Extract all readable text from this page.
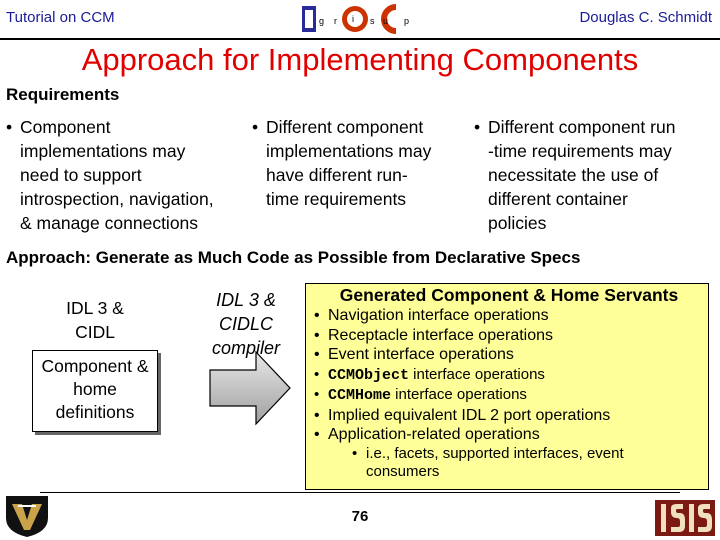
Tutorial on CCM	g r i s u p	Douglas C. Schmidt
Approach for Implementing Components
Requirements
• Component
implementations may
need to support
introspection, navigation,
& manage connections
• Different component
implementations may
have different run-
time requirements
• Different component run
-time requirements may
necessitate the use of
different container
policies
Approach: Generate as Much Code as Possible from Declarative Specs
IDL 3 &
CIDL
Component &
home
definitions
IDL 3 &
CIDLC
compiler
Generated Component & Home Servants
• Navigation interface operations
• Receptacle interface operations
• Event interface operations
• CCMObject interface operations
• CCMHome interface operations
• Implied equivalent IDL 2 port operations
• Application-related operations
• i.e., facets, supported interfaces, event
consumers
76
